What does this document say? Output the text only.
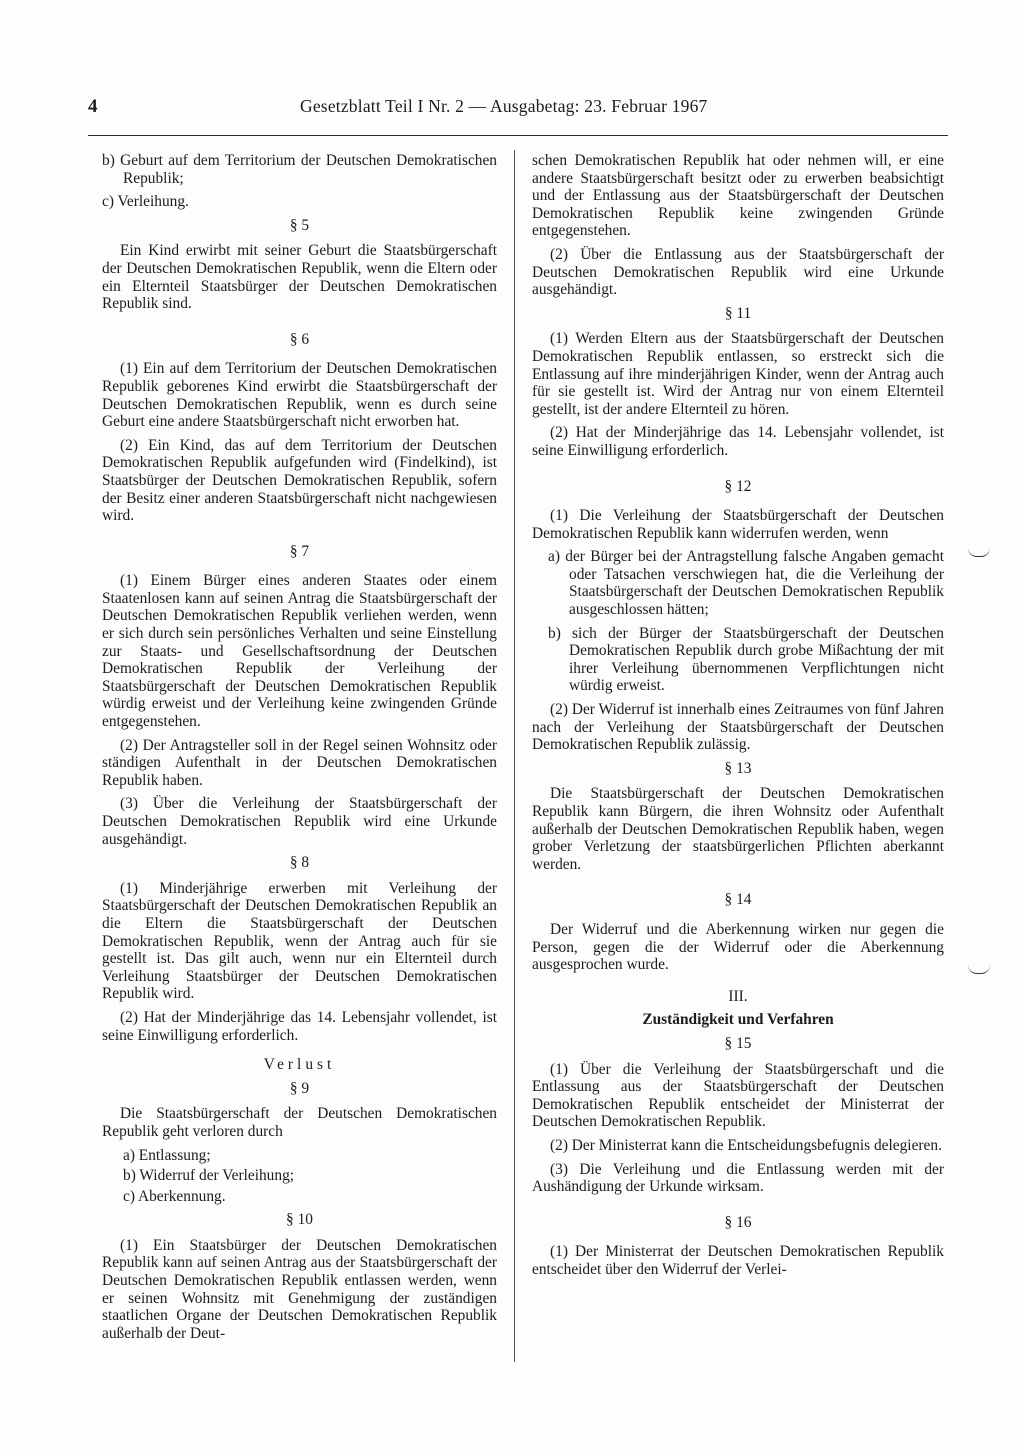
4	Gesetzblatt Teil I Nr. 2 — Ausgabetag: 23. Februar 1967
b) Geburt auf dem Territorium der Deutschen Demokratischen Republik;
c) Verleihung.
§ 5

Ein Kind erwirbt mit seiner Geburt die Staatsbürgerschaft der Deutschen Demokratischen Republik, wenn die Eltern oder ein Elternteil Staatsbürger der Deutschen Demokratischen Republik sind.

§ 6

(1) Ein auf dem Territorium der Deutschen Demokratischen Republik geborenes Kind erwirbt die Staatsbürgerschaft der Deutschen Demokratischen Republik, wenn es durch seine Geburt eine andere Staatsbürgerschaft nicht erworben hat.

(2) Ein Kind, das auf dem Territorium der Deutschen Demokratischen Republik aufgefunden wird (Findelkind), ist Staatsbürger der Deutschen Demokratischen Republik, sofern der Besitz einer anderen Staatsbürgerschaft nicht nachgewiesen wird.

§ 7

(1) Einem Bürger eines anderen Staates oder einem Staatenlosen kann auf seinen Antrag die Staatsbürgerschaft der Deutschen Demokratischen Republik verliehen werden, wenn er sich durch sein persönliches Verhalten und seine Einstellung zur Staats- und Gesellschaftsordnung der Deutschen Demokratischen Republik der Verleihung der Staatsbürgerschaft der Deutschen Demokratischen Republik würdig erweist und der Verleihung keine zwingenden Gründe entgegenstehen.

(2) Der Antragsteller soll in der Regel seinen Wohnsitz oder ständigen Aufenthalt in der Deutschen Demokratischen Republik haben.

(3) Über die Verleihung der Staatsbürgerschaft der Deutschen Demokratischen Republik wird eine Urkunde ausgehändigt.

§ 8

(1) Minderjährige erwerben mit Verleihung der Staatsbürgerschaft der Deutschen Demokratischen Republik an die Eltern die Staatsbürgerschaft der Deutschen Demokratischen Republik, wenn der Antrag auch für sie gestellt ist. Das gilt auch, wenn nur ein Elternteil durch Verleihung Staatsbürger der Deutschen Demokratischen Republik wird.

(2) Hat der Minderjährige das 14. Lebensjahr vollendet, ist seine Einwilligung erforderlich.

Verlust
§ 9

Die Staatsbürgerschaft der Deutschen Demokratischen Republik geht verloren durch

a) Entlassung;
b) Widerruf der Verleihung;
c) Aberkennung.
§ 10

(1) Ein Staatsbürger der Deutschen Demokratischen Republik kann auf seinen Antrag aus der Staatsbürgerschaft der Deutschen Demokratischen Republik entlassen werden, wenn er seinen Wohnsitz mit Genehmigung der zuständigen staatlichen Organe der Deutschen Demokratischen Republik außerhalb der Deut-

schen Demokratischen Republik hat oder nehmen will, er eine andere Staatsbürgerschaft besitzt oder zu erwerben beabsichtigt und der Entlassung aus der Staatsbürgerschaft der Deutschen Demokratischen Republik keine zwingenden Gründe entgegenstehen.

(2) Über die Entlassung aus der Staatsbürgerschaft der Deutschen Demokratischen Republik wird eine Urkunde ausgehändigt.

§ 11

(1) Werden Eltern aus der Staatsbürgerschaft der Deutschen Demokratischen Republik entlassen, so erstreckt sich die Entlassung auf ihre minderjährigen Kinder, wenn der Antrag auch für sie gestellt ist. Wird der Antrag nur von einem Elternteil gestellt, ist der andere Elternteil zu hören.

(2) Hat der Minderjährige das 14. Lebensjahr vollendet, ist seine Einwilligung erforderlich.

§ 12

(1) Die Verleihung der Staatsbürgerschaft der Deutschen Demokratischen Republik kann widerrufen werden, wenn

a) der Bürger bei der Antragstellung falsche Angaben gemacht oder Tatsachen verschwiegen hat, die die Verleihung der Staatsbürgerschaft der Deutschen Demokratischen Republik ausgeschlossen hätten;
b) sich der Bürger der Staatsbürgerschaft der Deutschen Demokratischen Republik durch grobe Mißachtung der mit ihrer Verleihung übernommenen Verpflichtungen nicht würdig erweist.

(2) Der Widerruf ist innerhalb eines Zeitraumes von fünf Jahren nach der Verleihung der Staatsbürgerschaft der Deutschen Demokratischen Republik zulässig.

§ 13

Die Staatsbürgerschaft der Deutschen Demokratischen Republik kann Bürgern, die ihren Wohnsitz oder Aufenthalt außerhalb der Deutschen Demokratischen Republik haben, wegen grober Verletzung der staatsbürgerlichen Pflichten aberkannt werden.

§ 14

Der Widerruf und die Aberkennung wirken nur gegen die Person, gegen die der Widerruf oder die Aberkennung ausgesprochen wurde.

III.
Zuständigkeit und Verfahren
§ 15

(1) Über die Verleihung der Staatsbürgerschaft und die Entlassung aus der Staatsbürgerschaft der Deutschen Demokratischen Republik entscheidet der Ministerrat der Deutschen Demokratischen Republik.

(2) Der Ministerrat kann die Entscheidungsbefugnis delegieren.

(3) Die Verleihung und die Entlassung werden mit der Aushändigung der Urkunde wirksam.

§ 16

(1) Der Ministerrat der Deutschen Demokratischen Republik entscheidet über den Widerruf der Verlei-
